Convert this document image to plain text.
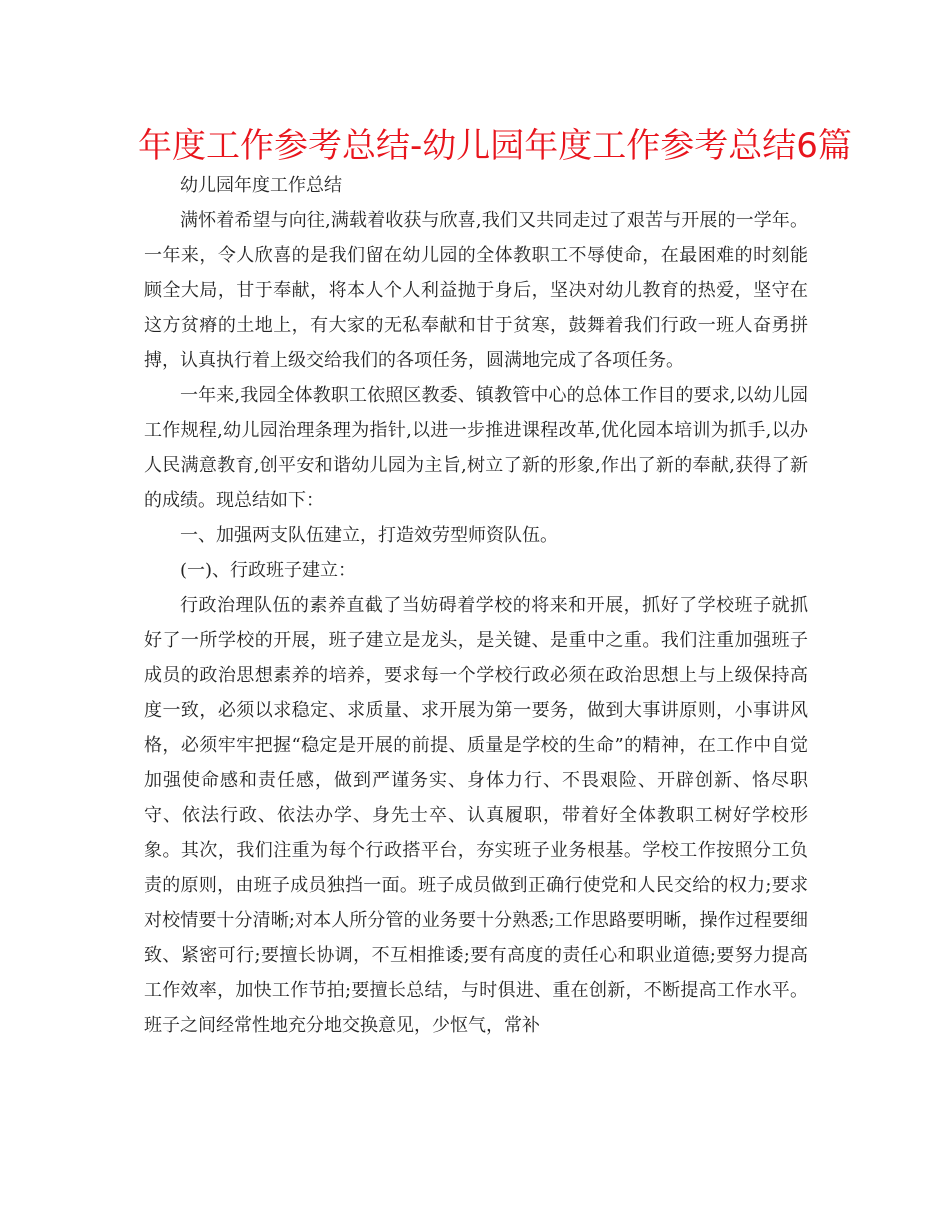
年度工作参考总结-幼儿园年度工作参考总结6篇

幼儿园年度工作总结

满怀着希望与向往,满载着收获与欣喜,我们又共同走过了艰苦与开展的一学年。一年来，令人欣喜的是我们留在幼儿园的全体教职工不辱使命，在最困难的时刻能顾全大局，甘于奉献，将本人个人利益抛于身后，坚决对幼儿教育的热爱，坚守在这方贫瘠的土地上，有大家的无私奉献和甘于贫寒，鼓舞着我们行政一班人奋勇拼搏，认真执行着上级交给我们的各项任务，圆满地完成了各项任务。

一年来,我园全体教职工依照区教委、镇教管中心的总体工作目的要求,以幼儿园工作规程,幼儿园治理条理为指针,以进一步推进课程改革,优化园本培训为抓手,以办人民满意教育,创平安和谐幼儿园为主旨,树立了新的形象,作出了新的奉献,获得了新的成绩。现总结如下：

一、加强两支队伍建立，打造效劳型师资队伍。

(一)、行政班子建立：

行政治理队伍的素养直截了当妨碍着学校的将来和开展，抓好了学校班子就抓好了一所学校的开展，班子建立是龙头，是关键、是重中之重。我们注重加强班子成员的政治思想素养的培养，要求每一个学校行政必须在政治思想上与上级保持高度一致，必须以求稳定、求质量、求开展为第一要务，做到大事讲原则，小事讲风格，必须牢牢把握“稳定是开展的前提、质量是学校的生命”的精神，在工作中自觉加强使命感和责任感，做到严谨务实、身体力行、不畏艰险、开辟创新、恪尽职守、依法行政、依法办学、身先士卒、认真履职，带着好全体教职工树好学校形象。其次，我们注重为每个行政搭平台，夯实班子业务根基。学校工作按照分工负责的原则，由班子成员独挡一面。班子成员做到正确行使党和人民交给的权力;要求对校情要十分清晰;对本人所分管的业务要十分熟悉;工作思路要明晰，操作过程要细致、紧密可行;要擅长协调，不互相推诿;要有高度的责任心和职业道德;要努力提高工作效率，加快工作节拍;要擅长总结，与时俱进、重在创新，不断提高工作水平。班子之间经常性地充分地交换意见，少怄气，常补
